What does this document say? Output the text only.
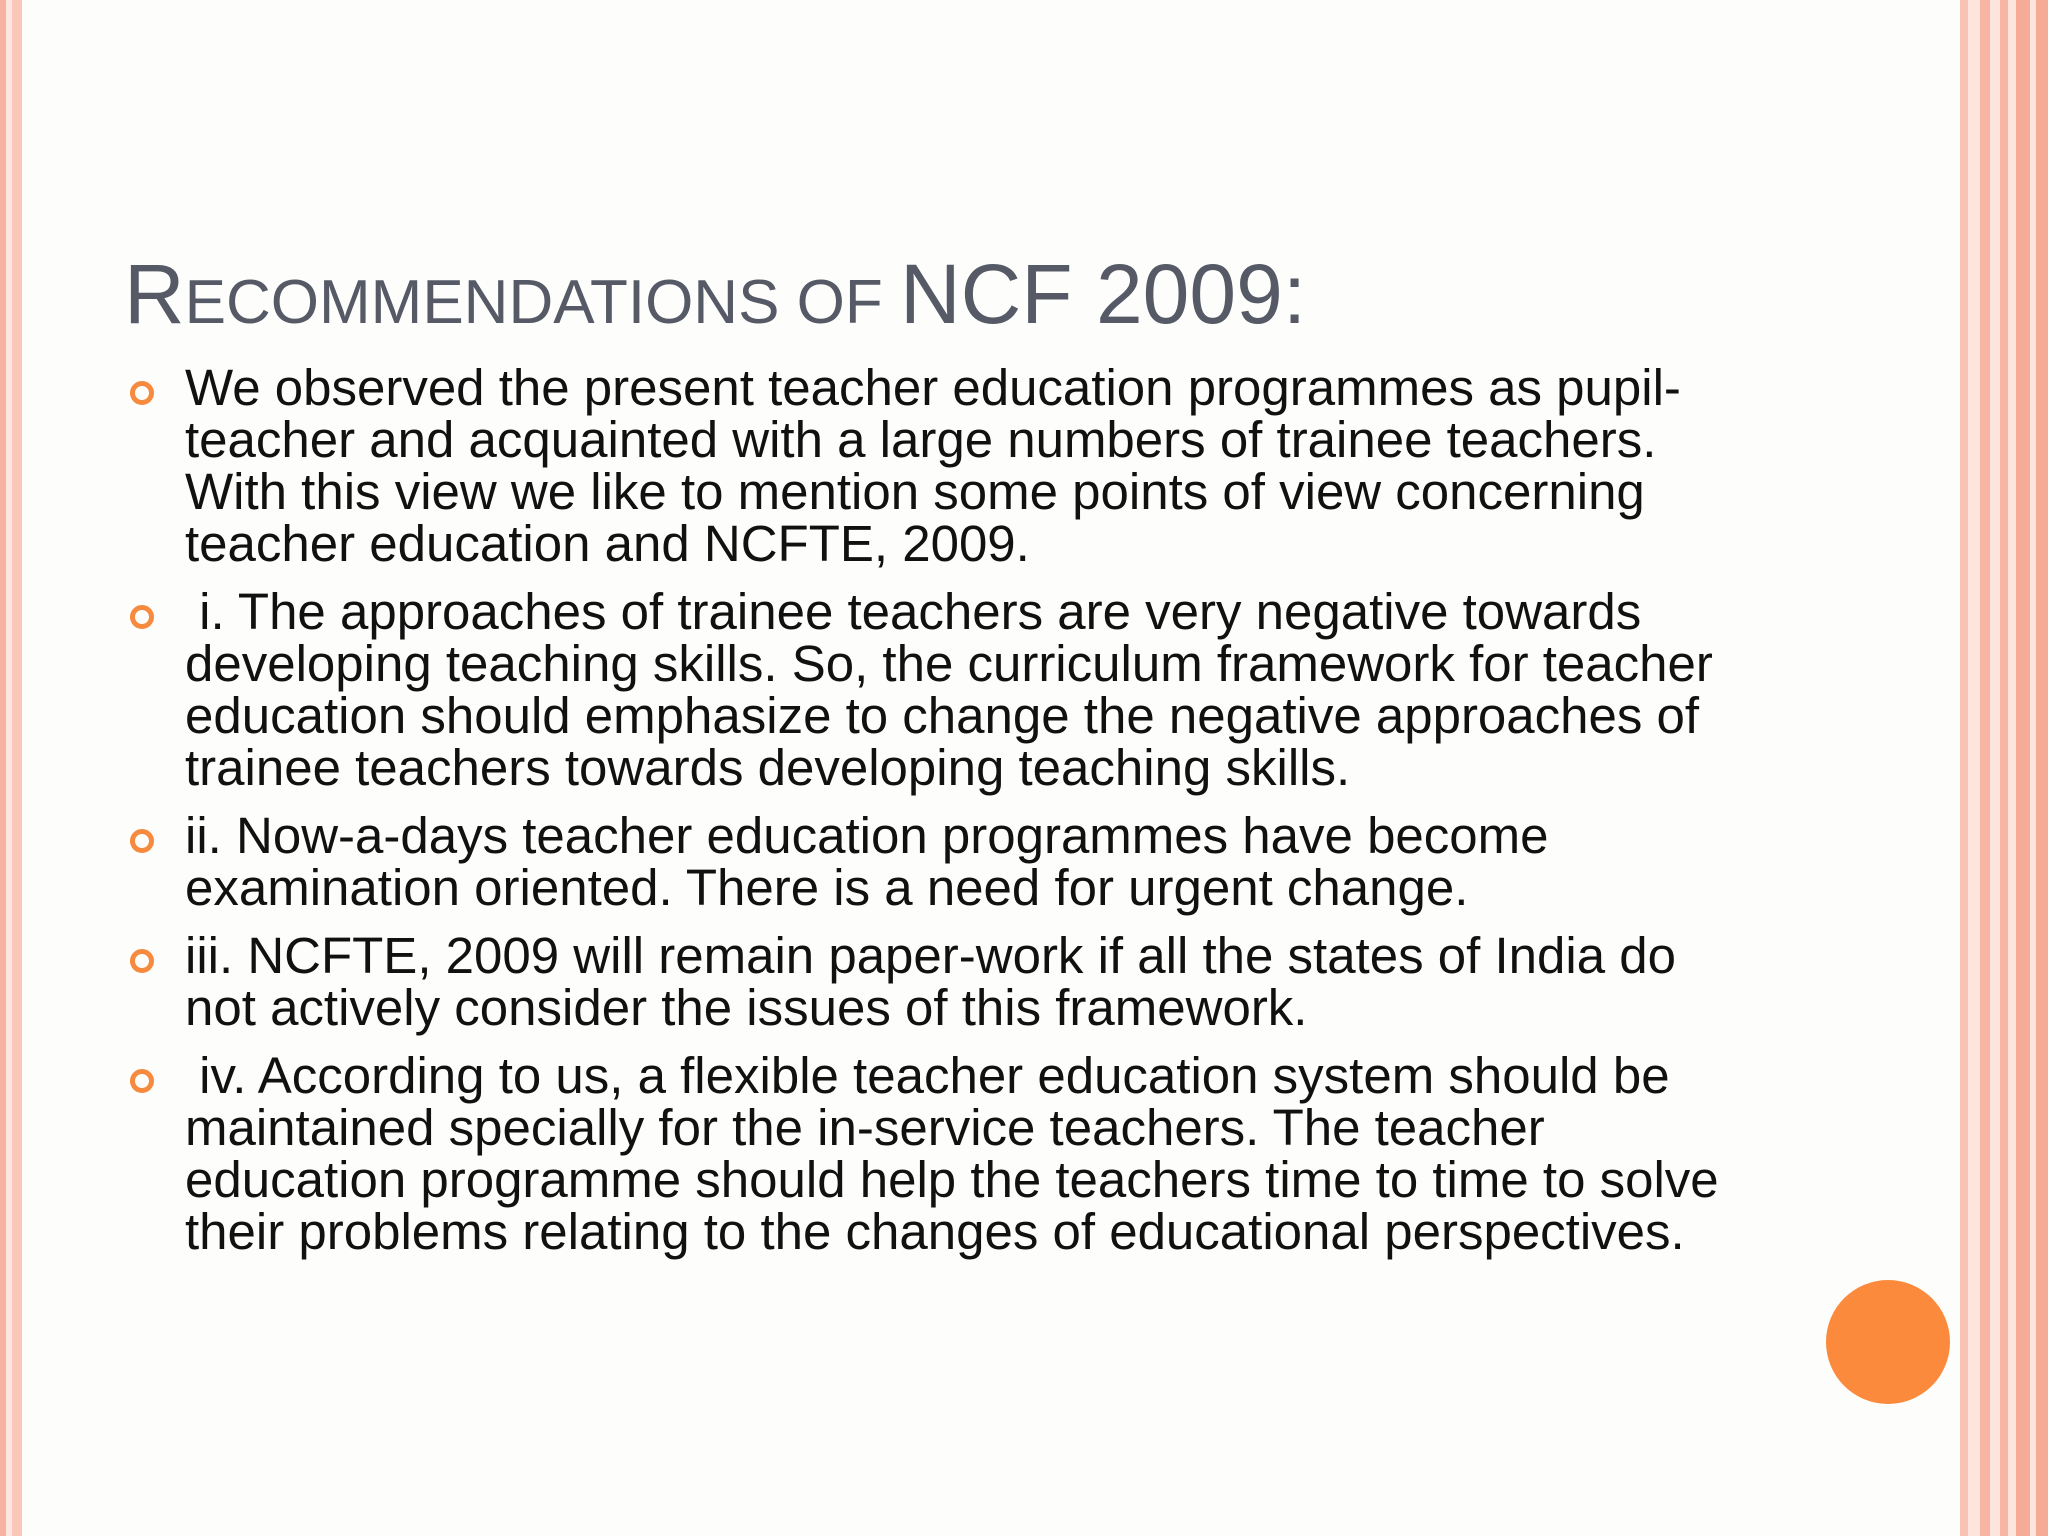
RECOMMENDATIONS OF NCF 2009:
We observed the present teacher education programmes as pupil-teacher and acquainted with a large numbers of trainee teachers. With this view we like to mention some points of view concerning teacher education and NCFTE, 2009.
i. The approaches of trainee teachers are very negative towards developing teaching skills. So, the curriculum framework for teacher education should emphasize to change the negative approaches of trainee teachers towards developing teaching skills.
ii. Now-a-days teacher education programmes have become examination oriented. There is a need for urgent change.
iii. NCFTE, 2009 will remain paper-work if all the states of India do not actively consider the issues of this framework.
iv. According to us, a flexible teacher education system should be maintained specially for the in-service teachers. The teacher education programme should help the teachers time to time to solve their problems relating to the changes of educational perspectives.
